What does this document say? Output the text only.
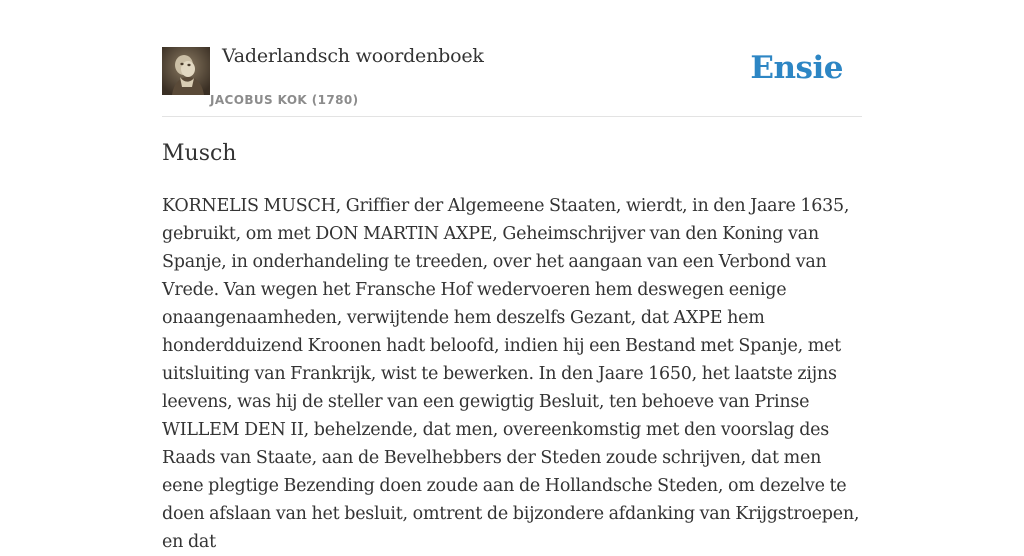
Vaderlandsch woordenboek
JACOBUS KOK (1780)
Ensie
Musch

KORNELIS MUSCH, Griffier der Algemeene Staaten, wierdt, in den Jaare 1635, gebruikt, om met DON MARTIN AXPE, Geheimschrijver van den Koning van Spanje, in onderhandeling te treeden, over het aangaan van een Verbond van Vrede. Van wegen het Fransche Hof wedervoeren hem deswegen eenige onaangenaamheden, verwijtende hem deszelfs Gezant, dat AXPE hem honderdduizend Kroonen hadt beloofd, indien hij een Bestand met Spanje, met uitsluiting van Frankrijk, wist te bewerken. In den Jaare 1650, het laatste zijns leevens, was hij de steller van een gewigtig Besluit, ten behoeve van Prinse WILLEM DEN II, behelzende, dat men, overeenkomstig met den voorslag des Raads van Staate, aan de Bevelhebbers der Steden zoude schrijven, dat men eene plegtige Bezending doen zoude aan de Hollandsche Steden, om dezelve te doen afslaan van het besluit, omtrent de bijzondere afdanking van Krijgstroepen, en dat
